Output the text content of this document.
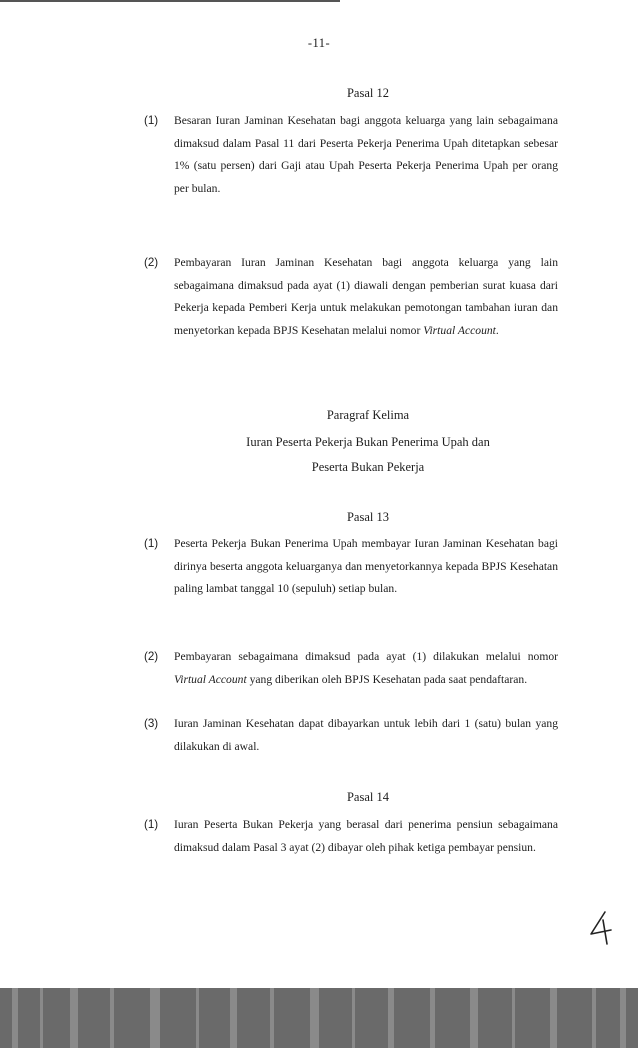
-11-
Pasal 12
(1) Besaran Iuran Jaminan Kesehatan bagi anggota keluarga yang lain sebagaimana dimaksud dalam Pasal 11 dari Peserta Pekerja Penerima Upah ditetapkan sebesar 1% (satu persen) dari Gaji atau Upah Peserta Pekerja Penerima Upah per orang per bulan.
(2) Pembayaran Iuran Jaminan Kesehatan bagi anggota keluarga yang lain sebagaimana dimaksud pada ayat (1) diawali dengan pemberian surat kuasa dari Pekerja kepada Pemberi Kerja untuk melakukan pemotongan tambahan iuran dan menyetorkan kepada BPJS Kesehatan melalui nomor Virtual Account.
Paragraf Kelima
Iuran Peserta Pekerja Bukan Penerima Upah dan
Peserta Bukan Pekerja
Pasal 13
(1) Peserta Pekerja Bukan Penerima Upah membayar Iuran Jaminan Kesehatan bagi dirinya beserta anggota keluarganya dan menyetorkannya kepada BPJS Kesehatan paling lambat tanggal 10 (sepuluh) setiap bulan.
(2) Pembayaran sebagaimana dimaksud pada ayat (1) dilakukan melalui nomor Virtual Account yang diberikan oleh BPJS Kesehatan pada saat pendaftaran.
(3) Iuran Jaminan Kesehatan dapat dibayarkan untuk lebih dari 1 (satu) bulan yang dilakukan di awal.
Pasal 14
(1) Iuran Peserta Bukan Pekerja yang berasal dari penerima pensiun sebagaimana dimaksud dalam Pasal 3 ayat (2) dibayar oleh pihak ketiga pembayar pensiun.
